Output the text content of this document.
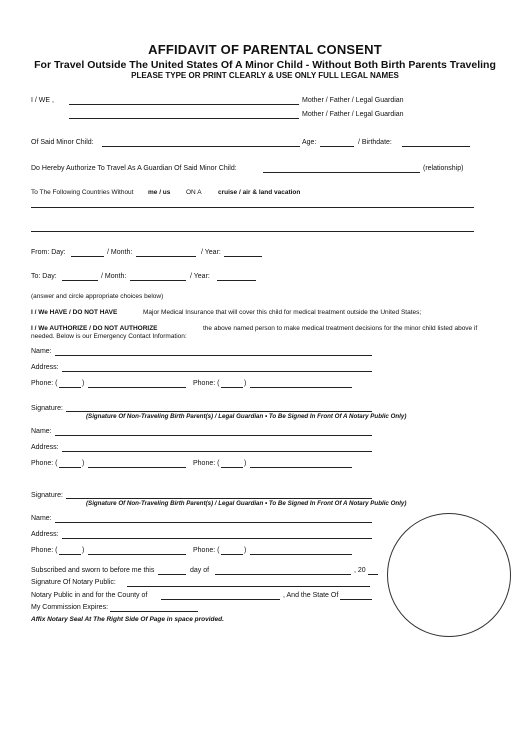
AFFIDAVIT OF PARENTAL CONSENT
For Travel Outside The United States Of A Minor Child - Without Both Birth Parents Traveling
PLEASE TYPE OR PRINT CLEARLY & USE ONLY FULL LEGAL NAMES
I / WE ,	Mother / Father / Legal Guardian
Mother / Father / Legal Guardian
Of Said Minor Child:	Age:	/ Birthdate:
Do Hereby Authorize To Travel As A Guardian Of Said Minor Child:	(relationship)
To The Following Countries Without me / us ON A	cruise / air & land vacation
From: Day:	/ Month:	/ Year:
To: Day:	/ Month:	/ Year:
(answer and circle appropriate choices below)
I / We HAVE / DO NOT HAVE	Major Medical Insurance that will cover this child for medical treatment outside the United States;
I / We AUTHORIZE / DO NOT AUTHORIZE	the above named person to make medical treatment decisions for the minor child listed above if
needed. Below is our Emergency Contact Information:
Name:
Address:
Phone: (	)	Phone: (	)
Signature:
(Signature Of Non-Traveling Birth Parent(s) / Legal Guardian • To Be Signed In Front Of A Notary Public Only)
Name:
Address:
Phone: (	)	Phone: (	)
Signature:
(Signature Of Non-Traveling Birth Parent(s) / Legal Guardian • To Be Signed In Front Of A Notary Public Only)
Name:
Address:
Phone: (	)	Phone: (	)
Subscribed and sworn to before me this	day of	, 20
Signature Of Notary Public:
Notary Public in and for the County of	, And the State Of
My Commission Expires:
Affix Notary Seal At The Right Side Of Page in space provided.
